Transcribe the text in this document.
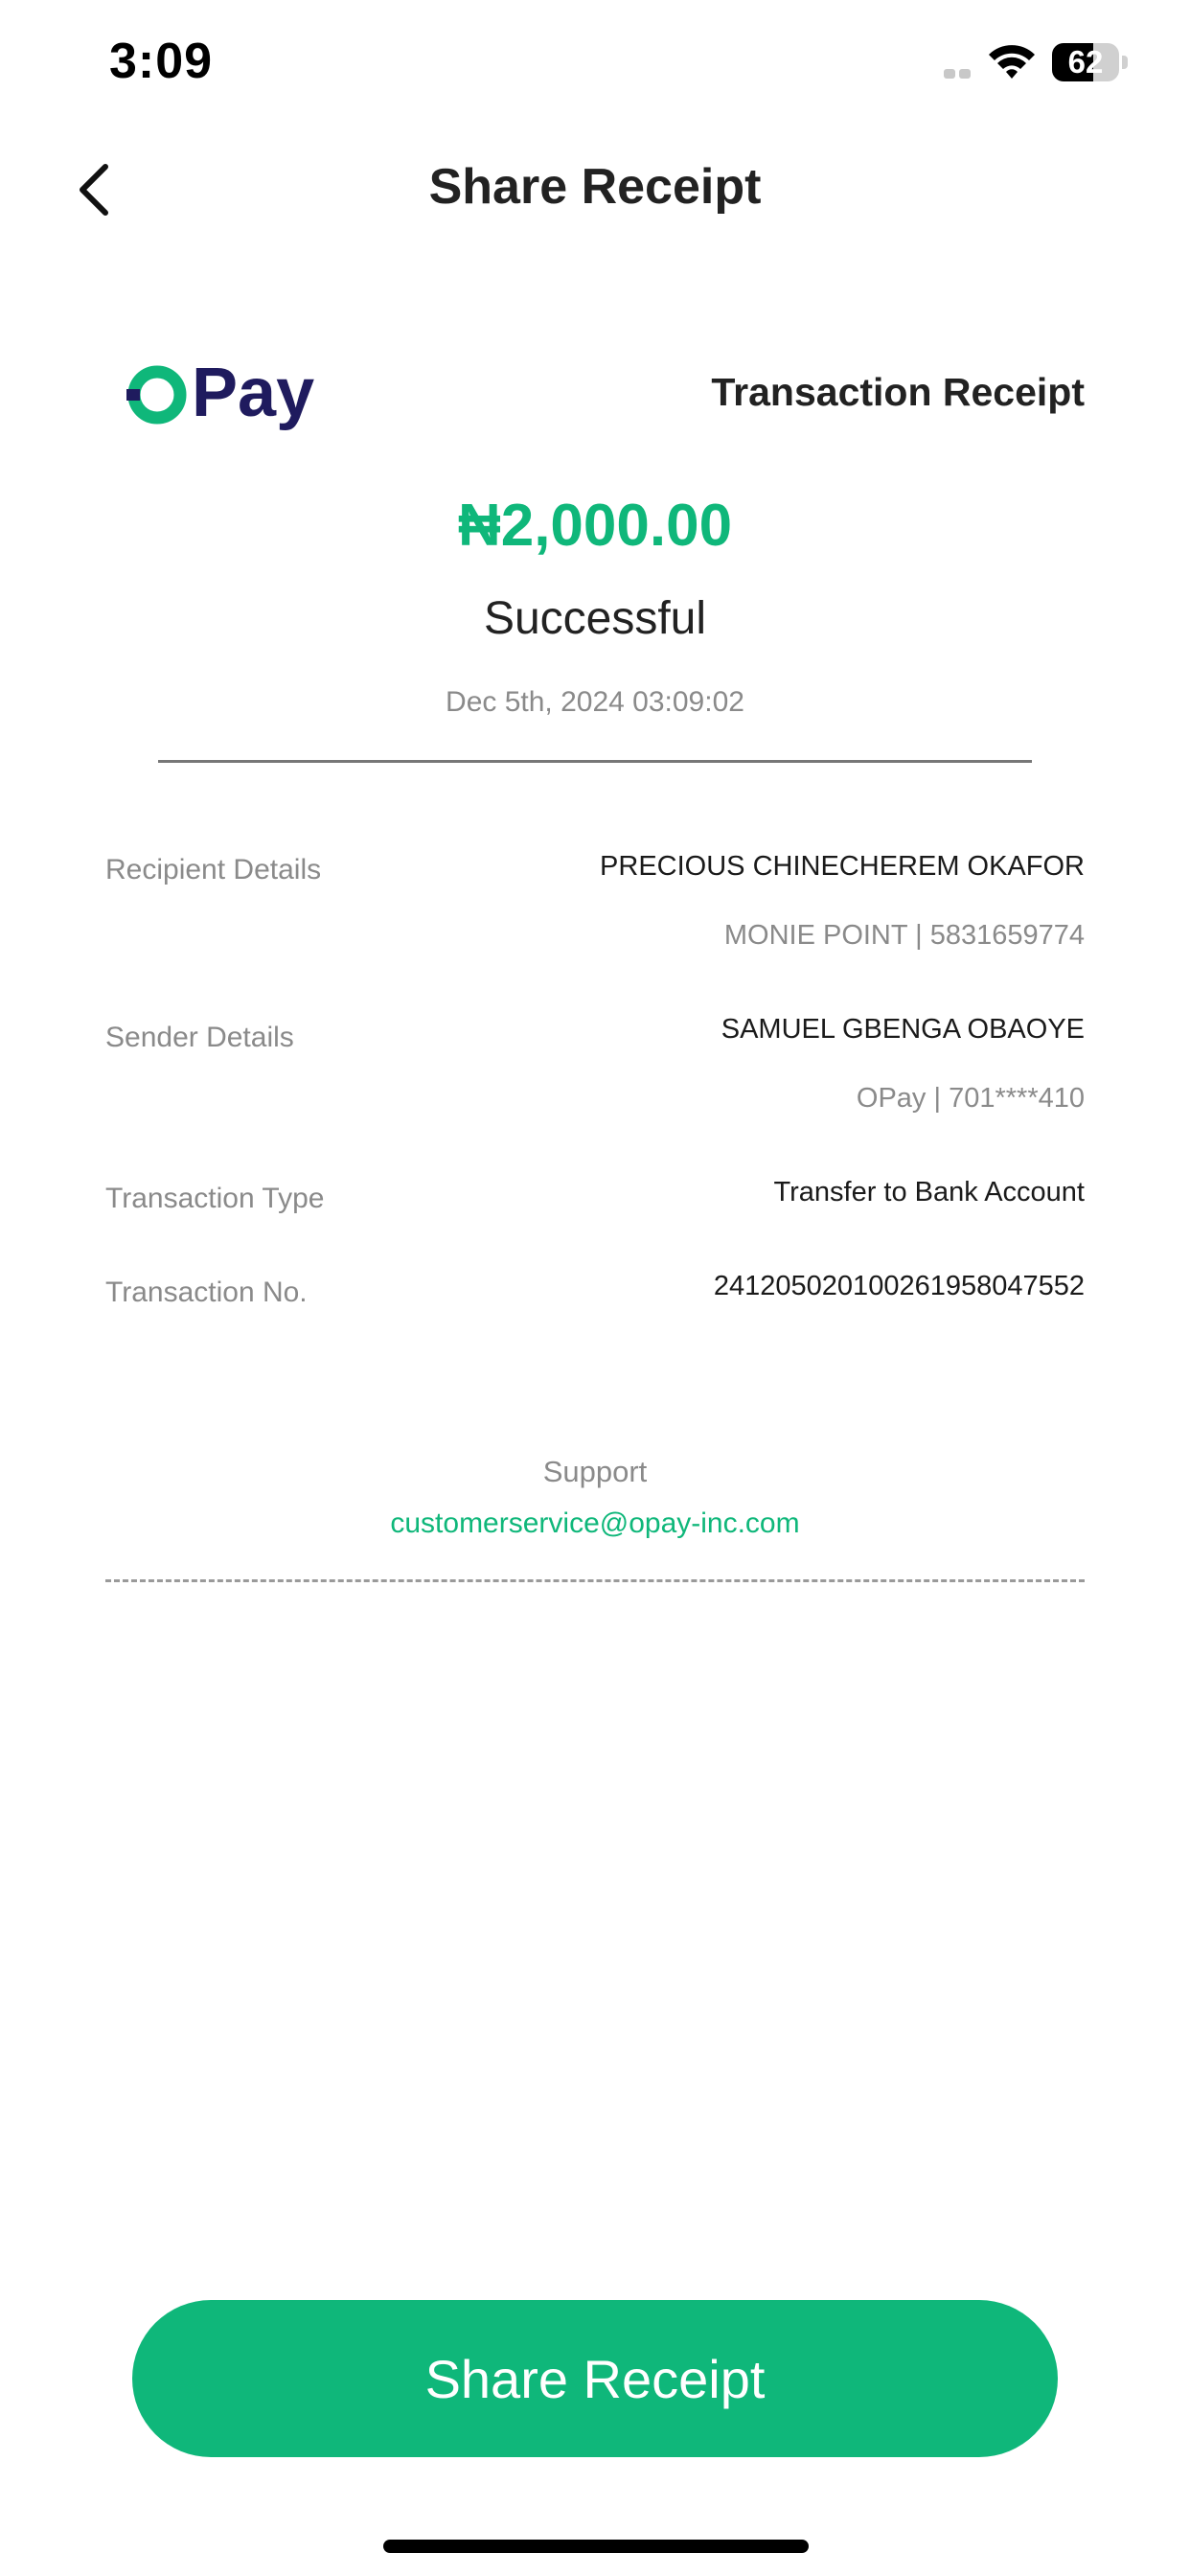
3:09	62
Share Receipt
Pay	Transaction Receipt
₦2,000.00
Successful
Dec 5th, 2024 03:09:02
Recipient Details	PRECIOUS CHINECHEREM OKAFOR
MONIE POINT | 5831659774
Sender Details	SAMUEL GBENGA OBAOYE
OPay | 701****410
Transaction Type	Transfer to Bank Account
Transaction No.	241205020100261958047552
Support
customerservice@opay-inc.com
Share Receipt
